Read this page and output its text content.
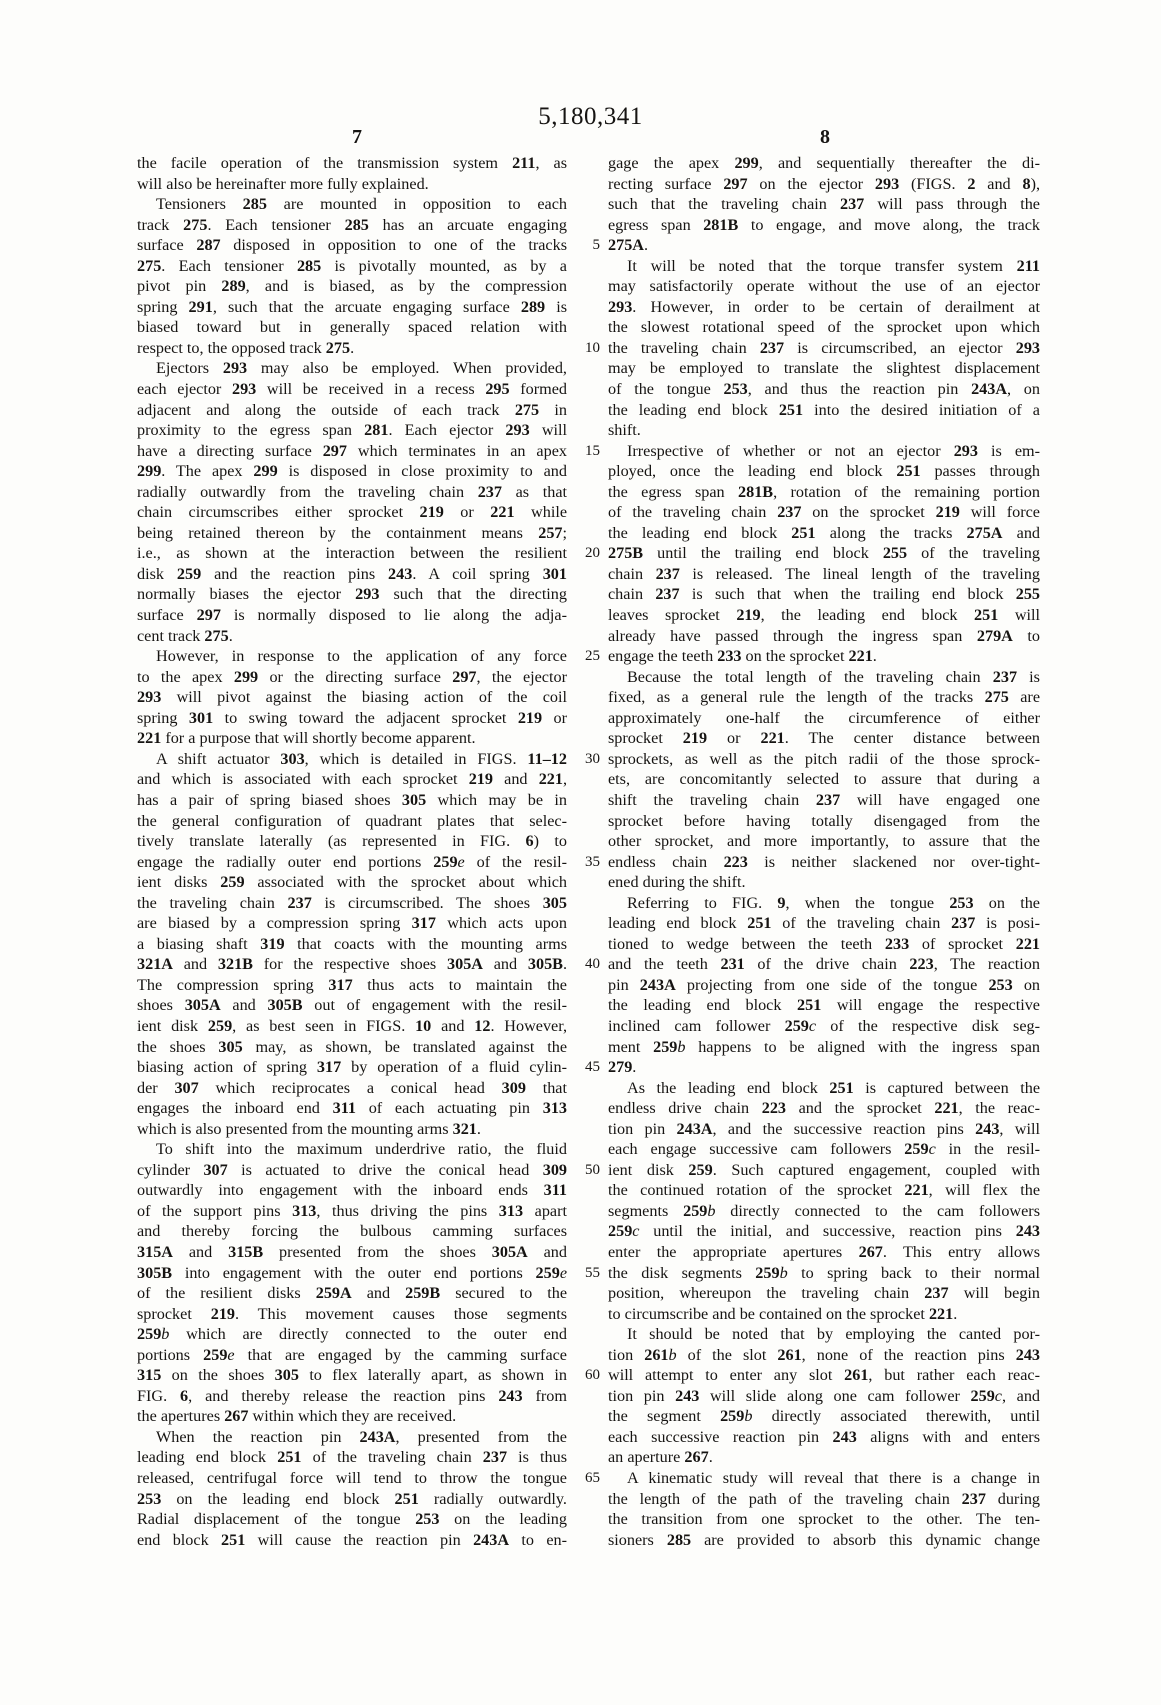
5,180,341
7	8
the facile operation of the transmission system 211, as
will also be hereinafter more fully explained.
Tensioners 285 are mounted in opposition to each
track 275. Each tensioner 285 has an arcuate engaging
surface 287 disposed in opposition to one of the tracks
275. Each tensioner 285 is pivotally mounted, as by a
pivot pin 289, and is biased, as by the compression
spring 291, such that the arcuate engaging surface 289 is
biased toward but in generally spaced relation with
respect to, the opposed track 275.
Ejectors 293 may also be employed. When provided,
each ejector 293 will be received in a recess 295 formed
adjacent and along the outside of each track 275 in
proximity to the egress span 281. Each ejector 293 will
have a directing surface 297 which terminates in an apex
299. The apex 299 is disposed in close proximity to and
radially outwardly from the traveling chain 237 as that
chain circumscribes either sprocket 219 or 221 while
being retained thereon by the containment means 257;
i.e., as shown at the interaction between the resilient
disk 259 and the reaction pins 243. A coil spring 301
normally biases the ejector 293 such that the directing
surface 297 is normally disposed to lie along the adja-
cent track 275.
However, in response to the application of any force
to the apex 299 or the directing surface 297, the ejector
293 will pivot against the biasing action of the coil
spring 301 to swing toward the adjacent sprocket 219 or
221 for a purpose that will shortly become apparent.
A shift actuator 303, which is detailed in FIGS. 11–12
and which is associated with each sprocket 219 and 221,
has a pair of spring biased shoes 305 which may be in
the general configuration of quadrant plates that selec-
tively translate laterally (as represented in FIG. 6) to
engage the radially outer end portions 259e of the resil-
ient disks 259 associated with the sprocket about which
the traveling chain 237 is circumscribed. The shoes 305
are biased by a compression spring 317 which acts upon
a biasing shaft 319 that coacts with the mounting arms
321A and 321B for the respective shoes 305A and 305B.
The compression spring 317 thus acts to maintain the
shoes 305A and 305B out of engagement with the resil-
ient disk 259, as best seen in FIGS. 10 and 12. However,
the shoes 305 may, as shown, be translated against the
biasing action of spring 317 by operation of a fluid cylin-
der 307 which reciprocates a conical head 309 that
engages the inboard end 311 of each actuating pin 313
which is also presented from the mounting arms 321.
To shift into the maximum underdrive ratio, the fluid
cylinder 307 is actuated to drive the conical head 309
outwardly into engagement with the inboard ends 311
of the support pins 313, thus driving the pins 313 apart
and thereby forcing the bulbous camming surfaces
315A and 315B presented from the shoes 305A and
305B into engagement with the outer end portions 259e
of the resilient disks 259A and 259B secured to the
sprocket 219. This movement causes those segments
259b which are directly connected to the outer end
portions 259e that are engaged by the camming surface
315 on the shoes 305 to flex laterally apart, as shown in
FIG. 6, and thereby release the reaction pins 243 from
the apertures 267 within which they are received.
When the reaction pin 243A, presented from the
leading end block 251 of the traveling chain 237 is thus
released, centrifugal force will tend to throw the tongue
253 on the leading end block 251 radially outwardly.
Radial displacement of the tongue 253 on the leading
end block 251 will cause the reaction pin 243A to en-
5
10
15
20
25
30
35
40
45
50
55
60
65
gage the apex 299, and sequentially thereafter the di-
recting surface 297 on the ejector 293 (FIGS. 2 and 8),
such that the traveling chain 237 will pass through the
egress span 281B to engage, and move along, the track
275A.
It will be noted that the torque transfer system 211
may satisfactorily operate without the use of an ejector
293. However, in order to be certain of derailment at
the slowest rotational speed of the sprocket upon which
the traveling chain 237 is circumscribed, an ejector 293
may be employed to translate the slightest displacement
of the tongue 253, and thus the reaction pin 243A, on
the leading end block 251 into the desired initiation of a
shift.
Irrespective of whether or not an ejector 293 is em-
ployed, once the leading end block 251 passes through
the egress span 281B, rotation of the remaining portion
of the traveling chain 237 on the sprocket 219 will force
the leading end block 251 along the tracks 275A and
275B until the trailing end block 255 of the traveling
chain 237 is released. The lineal length of the traveling
chain 237 is such that when the trailing end block 255
leaves sprocket 219, the leading end block 251 will
already have passed through the ingress span 279A to
engage the teeth 233 on the sprocket 221.
Because the total length of the traveling chain 237 is
fixed, as a general rule the length of the tracks 275 are
approximately one-half the circumference of either
sprocket 219 or 221. The center distance between
sprockets, as well as the pitch radii of the those sprock-
ets, are concomitantly selected to assure that during a
shift the traveling chain 237 will have engaged one
sprocket before having totally disengaged from the
other sprocket, and more importantly, to assure that the
endless chain 223 is neither slackened nor over-tight-
ened during the shift.
Referring to FIG. 9, when the tongue 253 on the
leading end block 251 of the traveling chain 237 is posi-
tioned to wedge between the teeth 233 of sprocket 221
and the teeth 231 of the drive chain 223, The reaction
pin 243A projecting from one side of the tongue 253 on
the leading end block 251 will engage the respective
inclined cam follower 259c of the respective disk seg-
ment 259b happens to be aligned with the ingress span
279.
As the leading end block 251 is captured between the
endless drive chain 223 and the sprocket 221, the reac-
tion pin 243A, and the successive reaction pins 243, will
each engage successive cam followers 259c in the resil-
ient disk 259. Such captured engagement, coupled with
the continued rotation of the sprocket 221, will flex the
segments 259b directly connected to the cam followers
259c until the initial, and successive, reaction pins 243
enter the appropriate apertures 267. This entry allows
the disk segments 259b to spring back to their normal
position, whereupon the traveling chain 237 will begin
to circumscribe and be contained on the sprocket 221.
It should be noted that by employing the canted por-
tion 261b of the slot 261, none of the reaction pins 243
will attempt to enter any slot 261, but rather each reac-
tion pin 243 will slide along one cam follower 259c, and
the segment 259b directly associated therewith, until
each successive reaction pin 243 aligns with and enters
an aperture 267.
A kinematic study will reveal that there is a change in
the length of the path of the traveling chain 237 during
the transition from one sprocket to the other. The ten-
sioners 285 are provided to absorb this dynamic change
